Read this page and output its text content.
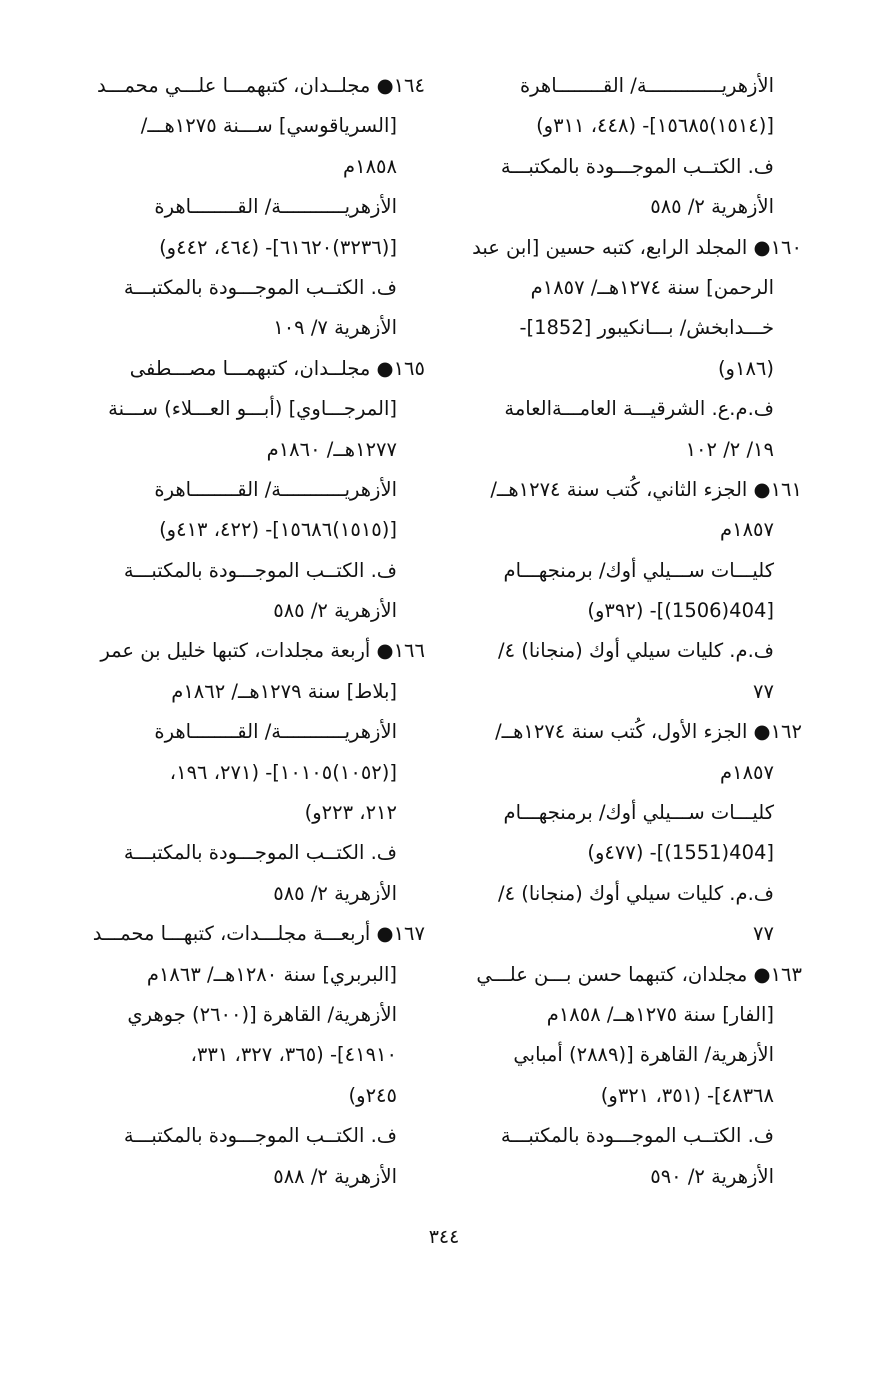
الأزهريـــــــــــــة/ القــــــــاهرة
[(١٥١٤)١٥٦٨٥]- (٤٤٨، ٣١١و)
ف. الكتــب الموجـــودة بالمكتبـــة
الأزهرية ٢/ ٥٨٥
١٦٠● المجلد الرابع، كتبه حسين [ابن عبد
الرحمن] سنة ١٢٧٤هــ/ ١٨٥٧م
خـــدابخش/ بـــانكيبور [1852]-
(١٨٦و)
ف.م.ع. الشرقيـــة العامـــةالعامة
١٩/ ٢/ ١٠٢
١٦١● الجزء الثاني، كُتب سنة ١٢٧٤هــ/
١٨٥٧م
كليـــات ســـيلي أوك/ برمنجهـــام
[404(1506)]- (٣٩٢و)
ف.م. كليات سيلي أوك (منجانا) ٤/
٧٧
١٦٢● الجزء الأول، كُتب سنة ١٢٧٤هــ/
١٨٥٧م
كليـــات ســـيلي أوك/ برمنجهـــام
[404(1551)]- (٤٧٧و)
ف.م. كليات سيلي أوك (منجانا) ٤/
٧٧
١٦٣● مجلدان، كتبهما حسن بـــن علـــي
[الفار] سنة ١٢٧٥هــ/ ١٨٥٨م
الأزهرية/ القاهرة [(٢٨٨٩) أمبابي
٤٨٣٦٨]- (٣٥١، ٣٢١و)
ف. الكتــب الموجـــودة بالمكتبـــة
الأزهرية ٢/ ٥٩٠
١٦٤● مجلــدان، كتبهمـــا علـــي محمـــد
[السرياقوسي] ســـنة ١٢٧٥هـــ/
١٨٥٨م
الأزهريـــــــــــة/ القــــــــاهرة
[(٣٢٣٦)٦١٦٢٠]- (٤٦٤، ٤٤٢و)
ف. الكتــب الموجـــودة بالمكتبـــة
الأزهرية ٧/ ١٠٩
١٦٥● مجلــدان، كتبهمـــا مصـــطفى
[المرجـــاوي] (أبـــو العـــلاء) ســـنة
١٢٧٧هــ/ ١٨٦٠م
الأزهريـــــــــــة/ القــــــــاهرة
[(١٥١٥)١٥٦٨٦]- (٤٢٢، ٤١٣و)
ف. الكتــب الموجـــودة بالمكتبـــة
الأزهرية ٢/ ٥٨٥
١٦٦● أربعة مجلدات، كتبها خليل بن عمر
[بلاط] سنة ١٢٧٩هــ/ ١٨٦٢م
الأزهريـــــــــــة/ القــــــــاهرة
[(١٠٥٢)١٠١٠٥]- (٢٧١، ١٩٦،
٢١٢، ٢٢٣و)
ف. الكتــب الموجـــودة بالمكتبـــة
الأزهرية ٢/ ٥٨٥
١٦٧● أربعـــة مجلـــدات، كتبهـــا محمـــد
[البربري] سنة ١٢٨٠هــ/ ١٨٦٣م
الأزهرية/ القاهرة [(٢٦٠٠) جوهري
٤١٩١٠]- (٣٦٥، ٣٢٧، ٣٣١،
٢٤٥و)
ف. الكتــب الموجـــودة بالمكتبـــة
الأزهرية ٢/ ٥٨٨
٣٤٤
